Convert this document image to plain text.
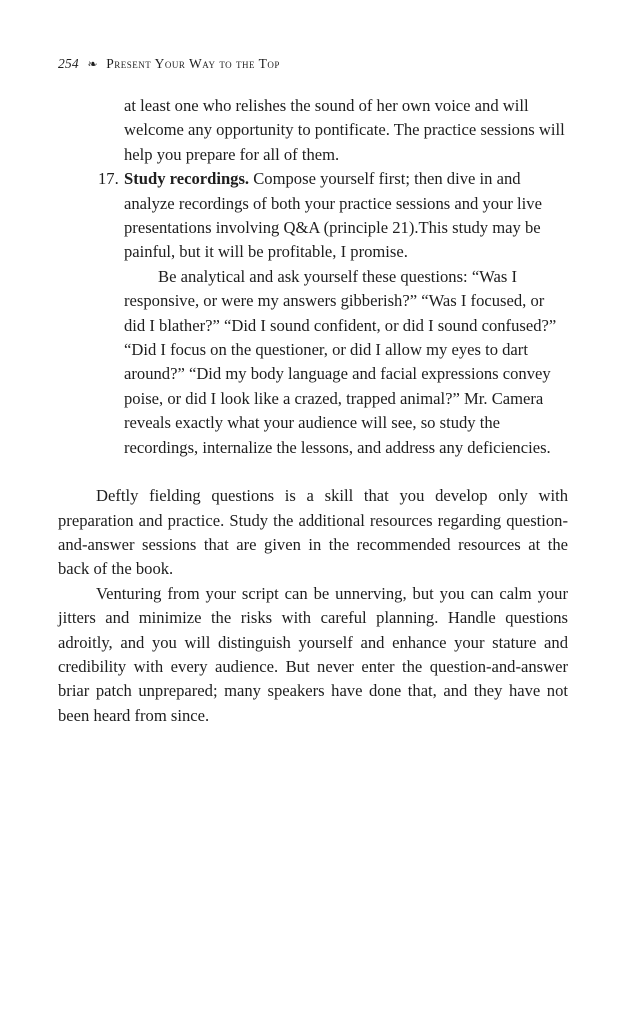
254 ❧ Present Your Way to the Top
at least one who relishes the sound of her own voice and will welcome any opportunity to pontificate. The practice sessions will help you prepare for all of them.
17. Study recordings. Compose yourself first; then dive in and analyze recordings of both your practice sessions and your live presentations involving Q&A (principle 21).This study may be painful, but it will be profitable, I promise.
Be analytical and ask yourself these questions: “Was I responsive, or were my answers gibberish?” “Was I focused, or did I blather?” “Did I sound confident, or did I sound confused?” “Did I focus on the questioner, or did I allow my eyes to dart around?” “Did my body language and facial expressions convey poise, or did I look like a crazed, trapped animal?” Mr. Camera reveals exactly what your audience will see, so study the recordings, internalize the lessons, and address any deficiencies.

Deftly fielding questions is a skill that you develop only with preparation and practice. Study the additional resources regarding question-and-answer sessions that are given in the recommended resources at the back of the book.

Venturing from your script can be unnerving, but you can calm your jitters and minimize the risks with careful planning. Handle questions adroitly, and you will distinguish yourself and enhance your stature and credibility with every audience. But never enter the question-and-answer briar patch unprepared; many speakers have done that, and they have not been heard from since.
